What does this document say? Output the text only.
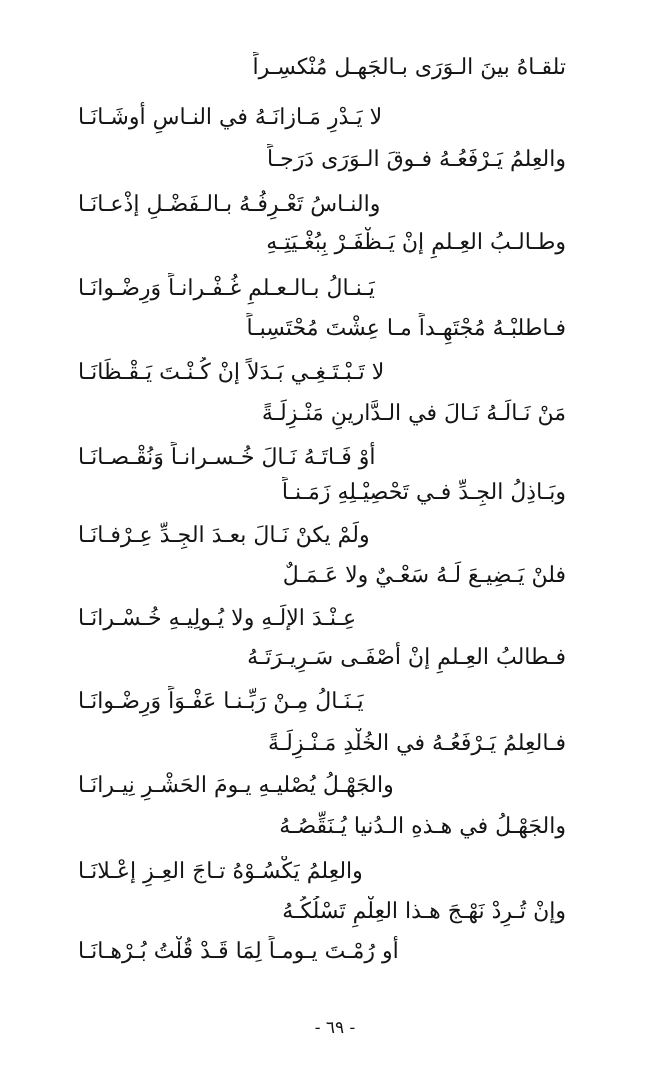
تلقـاهُ بينَ الـوَرَى بـالجَهـل مُنْكسِـراً
لا يَـدْرِ مَـازانَـهُ في النـاسِ أوشَـانَـا
والعِلمُ يَـرْفَعُـهُ فـوقَ الـوَرَى دَرَجـاً
والنـاسُ تَعْـرِفُـهُ بـالـفَضْـلِ إذْعـانَـا
وطـالـبُ العِـلمِ إنْ يَـظْفَـرْ بِبُغْـيَتِـهِ
يَـنـالُ بـالـعـلمِ غُـفْـرانـاً وَرِضْـوانَـا
فـاطلبْـهُ مُجْتَهِـداً مـا عِشْتَ مُحْتَسِبـاً
لا تَـبْـتَـغِـي بَـدَلاً إنْ كُـنْـتَ يَـقْـظَانَـا
مَنْ نَـالَـهُ نَـالَ في الـدَّارينِ مَنْـزِلَـةً
أوْ فَـاتَـهُ نَـالَ خُـسـرانـاً وَنُقْـصـانَـا
وبَـاذِلُ الجِـدِّ فـي تَحْصِيْـلِهِ زَمَـنـاً
ولَمْ يكنْ نَـالَ بعـدَ الجِـدِّ عِـرْفـانَـا
فلنْ يَـضِيـعَ لَـهُ سَعْـيٌ ولا عَـمَـلٌ
عِـنْـدَ الإلَـهِ ولا يُـولِيـهِ خُـسْـرانَـا
فـطالبُ العِـلمِ إنْ أصْفَـى سَـرِيـرَتَـهُ
يَـنَـالُ مِـنْ رَبِّـنـا عَفْـوَاً وَرِضْـوانَـا
فـالعِلمُ يَـرْفَعُـهُ في الخُلْدِ مَـنْـزِلَـةً
والجَهْـلُ يُصْليـهِ يـومَ الحَشْـرِ نِيـرانَـا
والجَهْـلُ في هـذهِ الـدُنيا يُـنَقِّصُـهُ
والعِلمُ يَكْسُـوْهُ تـاجَ العِـزِ إعْـلانَـا
وإنْ تُـرِدْ نَهْـجَ هـذا العِلْمِ تَسْلُكُـهُ
أو رُمْـتَ يـومـاً لِمَا قَـدْ قُلْتُ بُـرْهـانَـا
- ٦٩ -
